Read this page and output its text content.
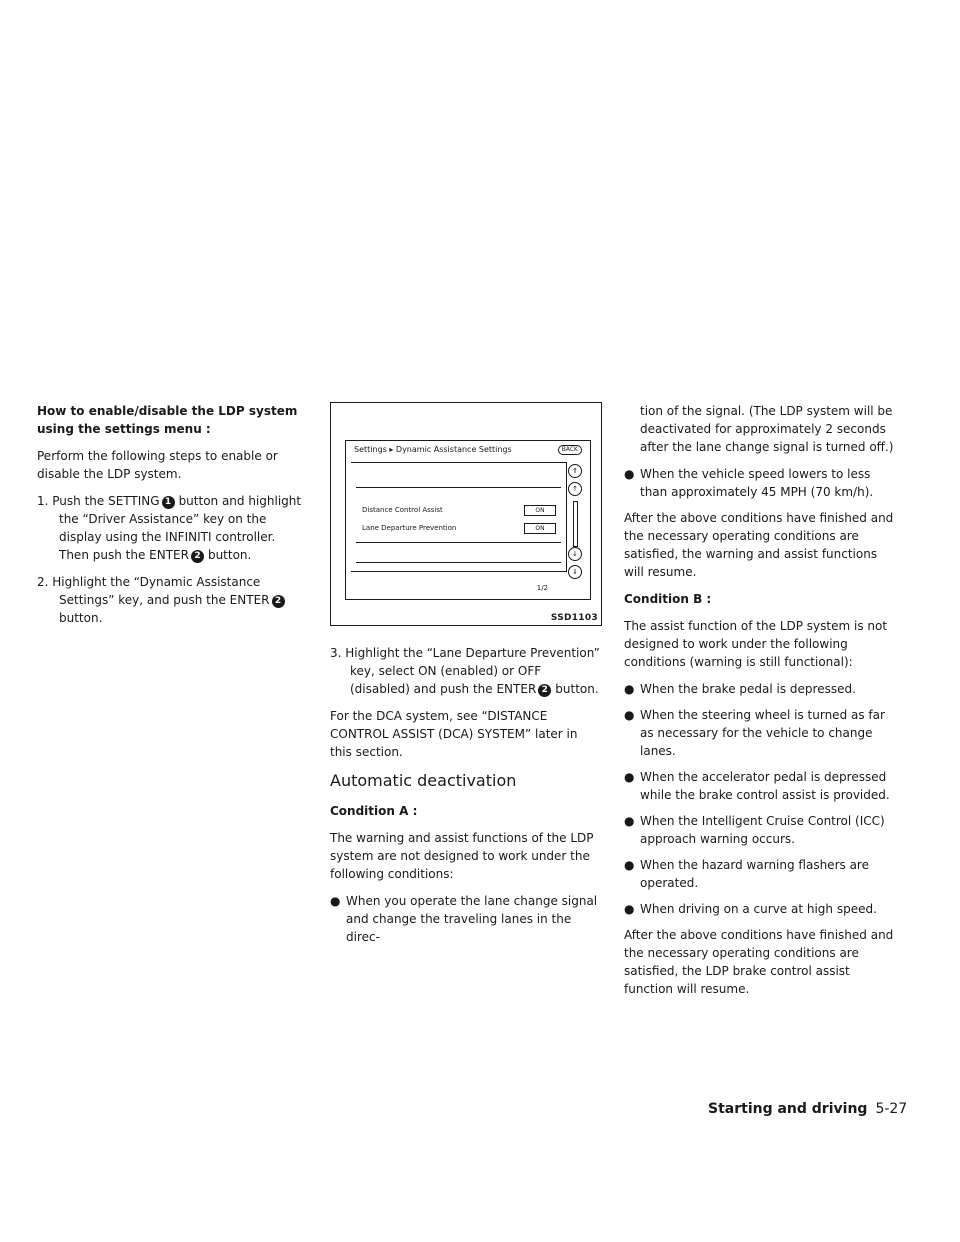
How to enable/disable the LDP system using the settings menu :

Perform the following steps to enable or disable the LDP system.

1. Push the SETTING 1 button and highlight the “Driver Assistance” key on the display using the INFINITI controller. Then push the ENTER 2 button.

2. Highlight the “Dynamic Assistance Settings” key, and push the ENTER 2button.

Settings ▸ Dynamic Assistance Settings	BACK
Distance Control Assist	ON
Lane Departure Prevention	ON
⇑
↑
↓
⇓
1/2
SSD1103

3. Highlight the “Lane Departure Prevention” key, select ON (enabled) or OFF (disabled) and push the ENTER 2 button.

For the DCA system, see “DISTANCE CONTROL ASSIST (DCA) SYSTEM” later in this section.

Automatic deactivation

Condition A :

The warning and assist functions of the LDP system are not designed to work under the following conditions:

● When you operate the lane change signal and change the traveling lanes in the direc-

tion of the signal. (The LDP system will be deactivated for approximately 2 seconds after the lane change signal is turned off.)

● When the vehicle speed lowers to less than approximately 45 MPH (70 km/h).

After the above conditions have finished and the necessary operating conditions are satisfied, the warning and assist functions will resume.

Condition B :

The assist function of the LDP system is not designed to work under the following conditions (warning is still functional):

● When the brake pedal is depressed.

● When the steering wheel is turned as far as necessary for the vehicle to change lanes.

● When the accelerator pedal is depressed while the brake control assist is provided.

● When the Intelligent Cruise Control (ICC) approach warning occurs.

● When the hazard warning flashers are operated.

● When driving on a curve at high speed.

After the above conditions have finished and the necessary operating conditions are satisfied, the LDP brake control assist function will resume.

Starting and driving 5-27
